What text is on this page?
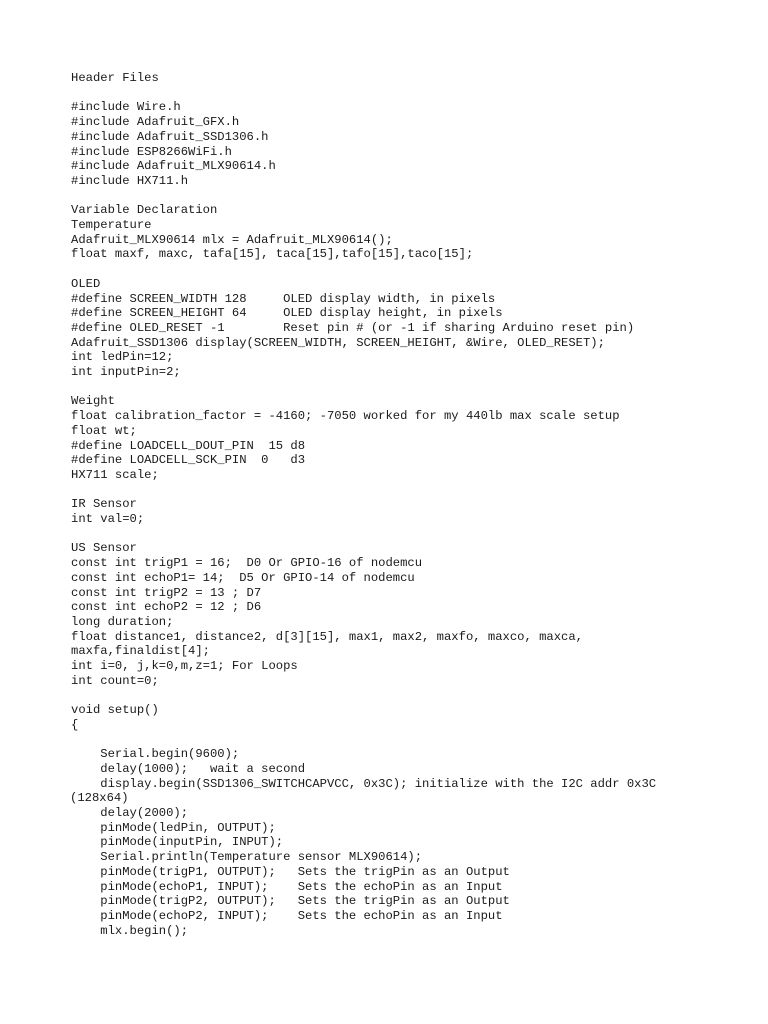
Header Files
#include Wire.h
#include Adafruit_GFX.h
#include Adafruit_SSD1306.h
#include ESP8266WiFi.h
#include Adafruit_MLX90614.h
#include HX711.h
Variable Declaration
Temperature
Adafruit_MLX90614 mlx = Adafruit_MLX90614();
float maxf, maxc, tafa[15], taca[15],tafo[15],taco[15];
OLED
#define SCREEN_WIDTH 128     OLED display width, in pixels
#define SCREEN_HEIGHT 64     OLED display height, in pixels
#define OLED_RESET -1        Reset pin # (or -1 if sharing Arduino reset pin)
Adafruit_SSD1306 display(SCREEN_WIDTH, SCREEN_HEIGHT, &Wire, OLED_RESET);
int ledPin=12;
int inputPin=2;
Weight
float calibration_factor = -4160; -7050 worked for my 440lb max scale setup
float wt;
#define LOADCELL_DOUT_PIN  15 d8
#define LOADCELL_SCK_PIN  0   d3
HX711 scale;
IR Sensor
int val=0;
US Sensor
const int trigP1 = 16;  D0 Or GPIO-16 of nodemcu
const int echoP1= 14;  D5 Or GPIO-14 of nodemcu
const int trigP2 = 13 ; D7
const int echoP2 = 12 ; D6
long duration;
float distance1, distance2, d[3][15], max1, max2, maxfo, maxco, maxca,
maxfa,finaldist[4];
int i=0, j,k=0,m,z=1; For Loops
int count=0;
void setup()
{
Serial.begin(9600);
delay(1000);   wait a second
display.begin(SSD1306_SWITCHCAPVCC, 0x3C); initialize with the I2C addr 0x3C
(128x64)
delay(2000);
pinMode(ledPin, OUTPUT);
pinMode(inputPin, INPUT);
Serial.println(Temperature sensor MLX90614);
pinMode(trigP1, OUTPUT);   Sets the trigPin as an Output
pinMode(echoP1, INPUT);    Sets the echoPin as an Input
pinMode(trigP2, OUTPUT);   Sets the trigPin as an Output
pinMode(echoP2, INPUT);    Sets the echoPin as an Input
mlx.begin();
